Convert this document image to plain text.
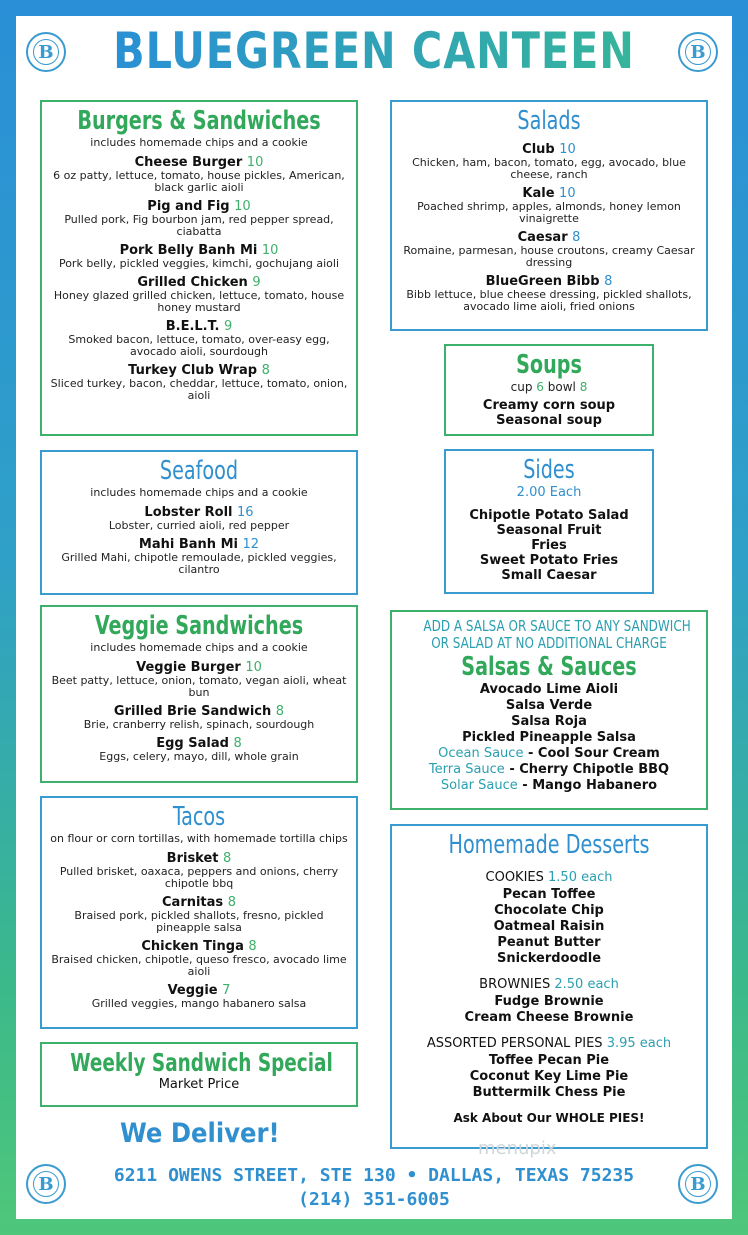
B	B
BLUEGREEN CANTEEN
Burgers & Sandwiches
includes homemade chips and a cookie
Cheese Burger 10
6 oz patty, lettuce, tomato, house pickles, American, black garlic aioli
Pig and Fig 10
Pulled pork, Fig bourbon jam, red pepper spread, ciabatta
Pork Belly Banh Mi 10
Pork belly, pickled veggies, kimchi, gochujang aioli
Grilled Chicken 9
Honey glazed grilled chicken, lettuce, tomato, house honey mustard
B.E.L.T. 9
Smoked bacon, lettuce, tomato, over-easy egg, avocado aioli, sourdough
Turkey Club Wrap 8
Sliced turkey, bacon, cheddar, lettuce, tomato, onion, aioli
Salads
Club 10
Chicken, ham, bacon, tomato, egg, avocado, blue cheese, ranch
Kale 10
Poached shrimp, apples, almonds, honey lemon vinaigrette
Caesar 8
Romaine, parmesan, house croutons, creamy Caesar dressing
BlueGreen Bibb 8
Bibb lettuce, blue cheese dressing, pickled shallots, avocado lime aioli, fried onions
Soups
cup 6 bowl 8
Creamy corn soup
Seasonal soup
Seafood
includes homemade chips and a cookie
Lobster Roll 16
Lobster, curried aioli, red pepper
Mahi Banh Mi 12
Grilled Mahi, chipotle remoulade, pickled veggies, cilantro
Sides
2.00 Each
Chipotle Potato Salad
Seasonal Fruit
Fries
Sweet Potato Fries
Small Caesar
Veggie Sandwiches
includes homemade chips and a cookie
Veggie Burger 10
Beet patty, lettuce, onion, tomato, vegan aioli, wheat bun
Grilled Brie Sandwich 8
Brie, cranberry relish, spinach, sourdough
Egg Salad 8
Eggs, celery, mayo, dill, whole grain
ADD A SALSA OR SAUCE TO ANY SANDWICH
OR SALAD AT NO ADDITIONAL CHARGE
Salsas & Sauces
Avocado Lime Aioli
Salsa Verde
Salsa Roja
Pickled Pineapple Salsa
Ocean Sauce - Cool Sour Cream
Terra Sauce - Cherry Chipotle BBQ
Solar Sauce - Mango Habanero
Tacos
on flour or corn tortillas, with homemade tortilla chips
Brisket 8
Pulled brisket, oaxaca, peppers and onions, cherry chipotle bbq
Carnitas 8
Braised pork, pickled shallots, fresno, pickled pineapple salsa
Chicken Tinga 8
Braised chicken, chipotle, queso fresco, avocado lime aioli
Veggie 7
Grilled veggies, mango habanero salsa
Homemade Desserts
COOKIES 1.50 each
Pecan Toffee
Chocolate Chip
Oatmeal Raisin
Peanut Butter
Snickerdoodle
BROWNIES 2.50 each
Fudge Brownie
Cream Cheese Brownie
ASSORTED PERSONAL PIES 3.95 each
Toffee Pecan Pie
Coconut Key Lime Pie
Buttermilk Chess Pie
Ask About Our WHOLE PIES!
Weekly Sandwich Special
Market Price
We Deliver!	menupix
6211 OWENS STREET, STE 130 • DALLAS, TEXAS 75235
(214) 351-6005
B	B
